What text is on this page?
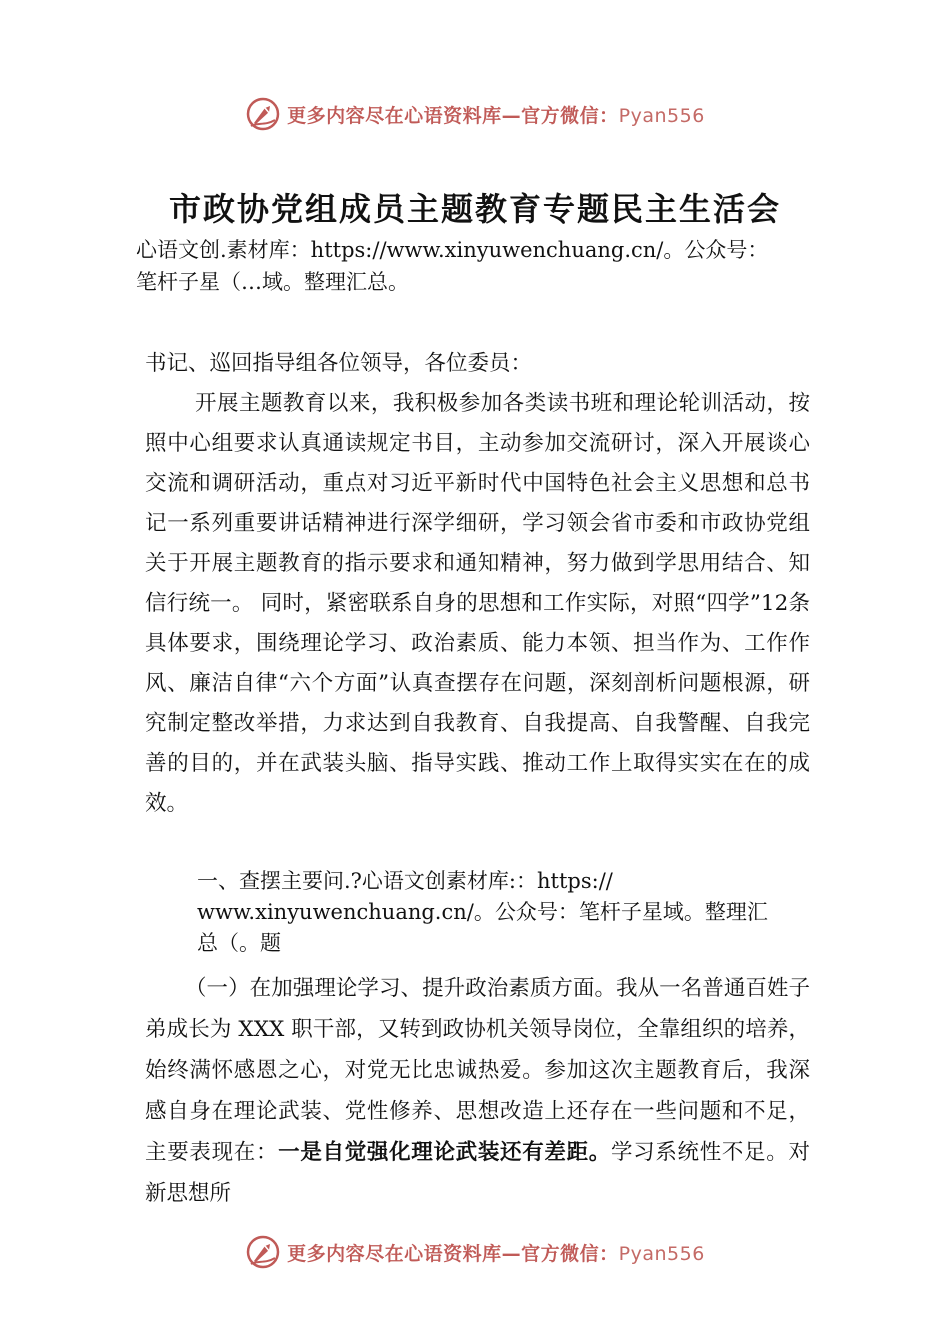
更多内容尽在心语资料库—官方微信：Pyan556
市政协党组成员主题教育专题民主生活会
心语文创.素材库：https://www.xinyuwenchuang.cn/。公众号：
笔杆子星（…域。整理汇总。
书记、巡回指导组各位领导，各位委员：
开展主题教育以来，我积极参加各类读书班和理论轮训活动，按照中心组要求认真通读规定书目，主动参加交流研讨，深入开展谈心交流和调研活动，重点对习近平新时代中国特色社会主义思想和总书记一系列重要讲话精神进行深学细研，学习领会省市委和市政协党组关于开展主题教育的指示要求和通知精神，努力做到学思用结合、知信行统一。 同时，紧密联系自身的思想和工作实际，对照“四学”12条具体要求，围绕理论学习、政治素质、能力本领、担当作为、工作作风、廉洁自律“六个方面”认真查摆存在问题，深刻剖析问题根源，研究制定整改举措，力求达到自我教育、自我提高、自我警醒、自我完善的目的，并在武装头脑、指导实践、推动工作上取得实实在在的成效。
一、查摆主要问.?心语文创素材库:：https://
www.xinyuwenchuang.cn/。公众号：笔杆子星域。整理汇
总（。题
（一）在加强理论学习、提升政治素质方面。我从一名普通百姓子弟成长为 XXX 职干部，又转到政协机关领导岗位，全靠组织的培养，始终满怀感恩之心，对党无比忠诚热爱。参加这次主题教育后，我深感自身在理论武装、党性修养、思想改造上还存在一些问题和不足，主要表现在：一是自觉强化理论武装还有差距。学习系统性不足。对新思想所
更多内容尽在心语资料库—官方微信：Pyan556
